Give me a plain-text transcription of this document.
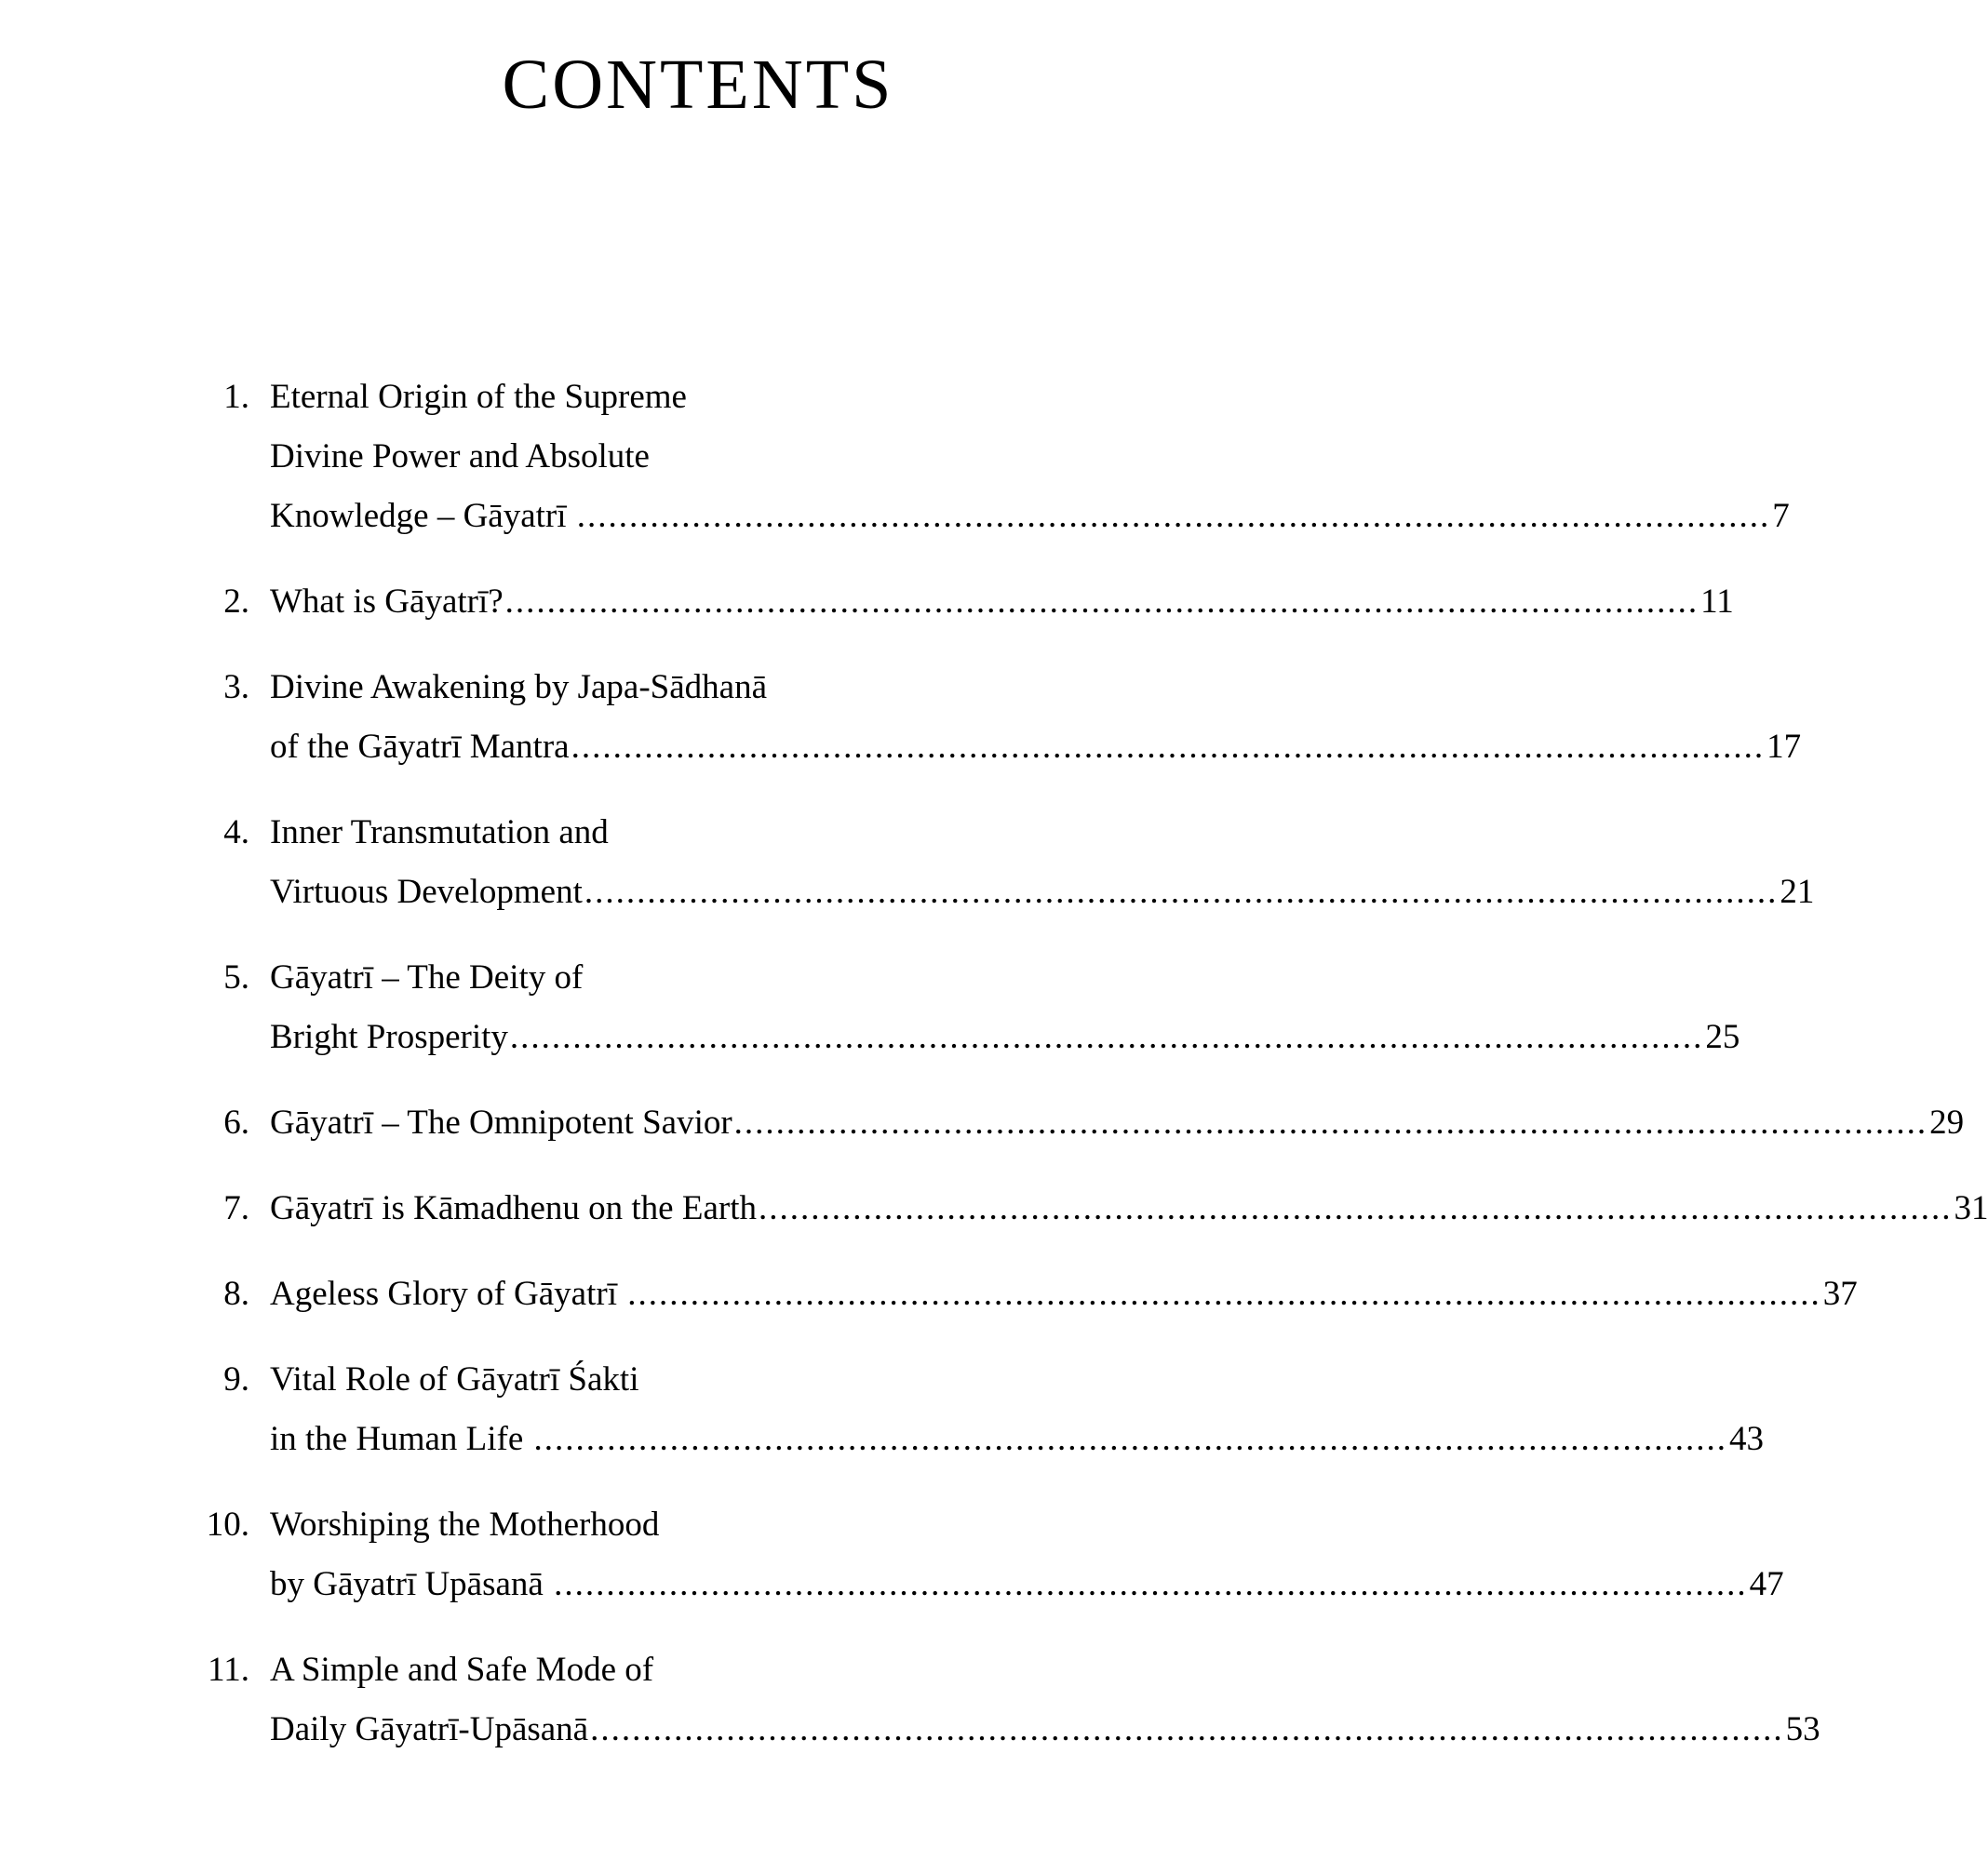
CONTENTS
1. Eternal Origin of the Supreme
Divine Power and Absolute
Knowledge – Gāyatrī .....	7
2. What is Gāyatrī? .....	11
3. Divine Awakening by Japa-Sādhanā
of the Gāyatrī Mantra .....	17
4. Inner Transmutation and
Virtuous Development .....	21
5. Gāyatrī – The Deity of
Bright Prosperity .....	25
6. Gāyatrī – The Omnipotent Savior .....	29
7. Gāyatrī is Kāmadhenu on the Earth .....	31
8. Ageless Glory of Gāyatrī .....	37
9. Vital Role of Gāyatrī Śakti
in the Human Life .....	43
10. Worshiping the Motherhood
by Gāyatrī Upāsanā .....	47
11. A Simple and Safe Mode of
Daily Gāyatrī-Upāsanā .....	53
